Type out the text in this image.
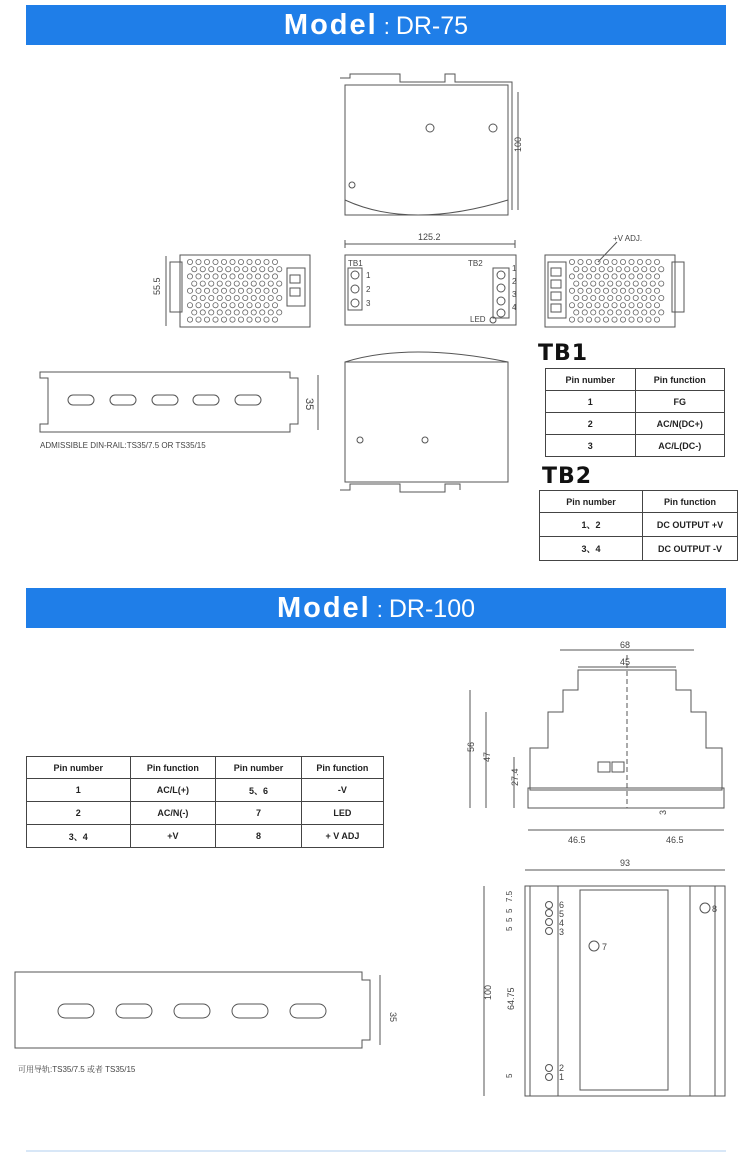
Model : DR-75
100
125.2
55.5
35
TB1	TB2
1
2
3
1
2
3
4
LED
+V ADJ.
68
45
56
47
27.4
3
46.5	46.5
93
100
7.5
5
5
5
64.75
5
6
5
4
3
2
1
7
8
35
ADMISSIBLE DIN-RAIL:TS35/7.5 OR TS35/15
TB1
Pin number	Pin function
1	FG
2	AC/N(DC+)
3	AC/L(DC-)
TB2
Pin number	Pin function
1、2	DC OUTPUT +V
3、4	DC OUTPUT -V
Model : DR-100
Pin number	Pin function	Pin number	Pin function
1	AC/L(+)	5、6	-V
2	AC/N(-)	7	LED
3、4	+V	8	+ V ADJ
可用导轨:TS35/7.5 或者 TS35/15
